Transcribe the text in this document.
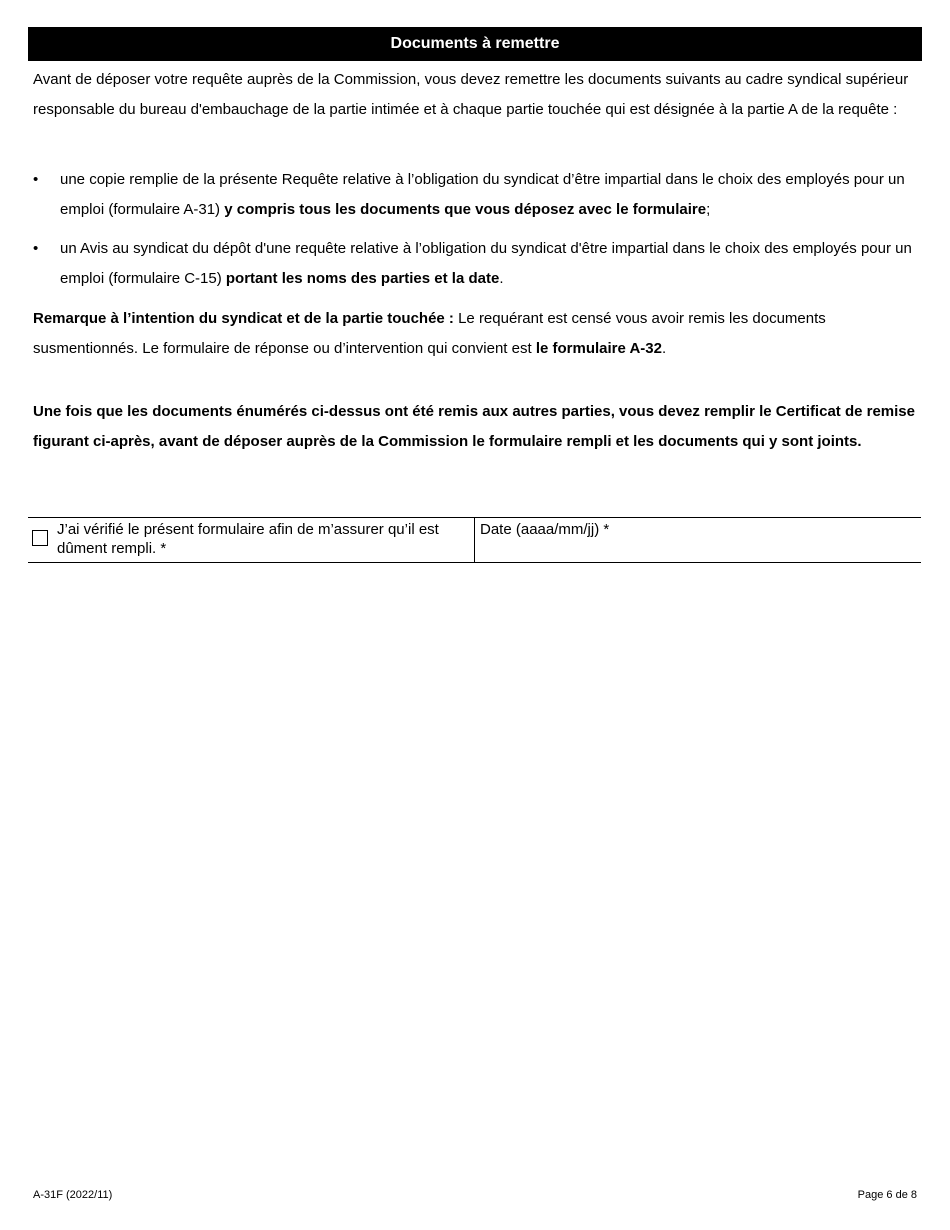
Documents à remettre
Avant de déposer votre requête auprès de la Commission, vous devez remettre les documents suivants au cadre syndical supérieur responsable du bureau d'embauchage de la partie intimée et à chaque partie touchée qui est désignée à la partie A de la requête :
• une copie remplie de la présente Requête relative à l’obligation du syndicat d’être impartial dans le choix des employés pour un emploi (formulaire A-31) y compris tous les documents que vous déposez avec le formulaire;
• un Avis au syndicat du dépôt d'une requête relative à l’obligation du syndicat d'être impartial dans le choix des employés pour un emploi (formulaire C-15) portant les noms des parties et la date.
Remarque à l’intention du syndicat et de la partie touchée : Le requérant est censé vous avoir remis les documents susmentionnés. Le formulaire de réponse ou d’intervention qui convient est le formulaire A-32.
Une fois que les documents énumérés ci-dessus ont été remis aux autres parties, vous devez remplir le Certificat de remise figurant ci-après, avant de déposer auprès de la Commission le formulaire rempli et les documents qui y sont joints.
J’ai vérifié le présent formulaire afin de m’assurer qu’il est dûment rempli. *
Date (aaaa/mm/jj) *
A-31F (2022/11)	Page 6 de 8
